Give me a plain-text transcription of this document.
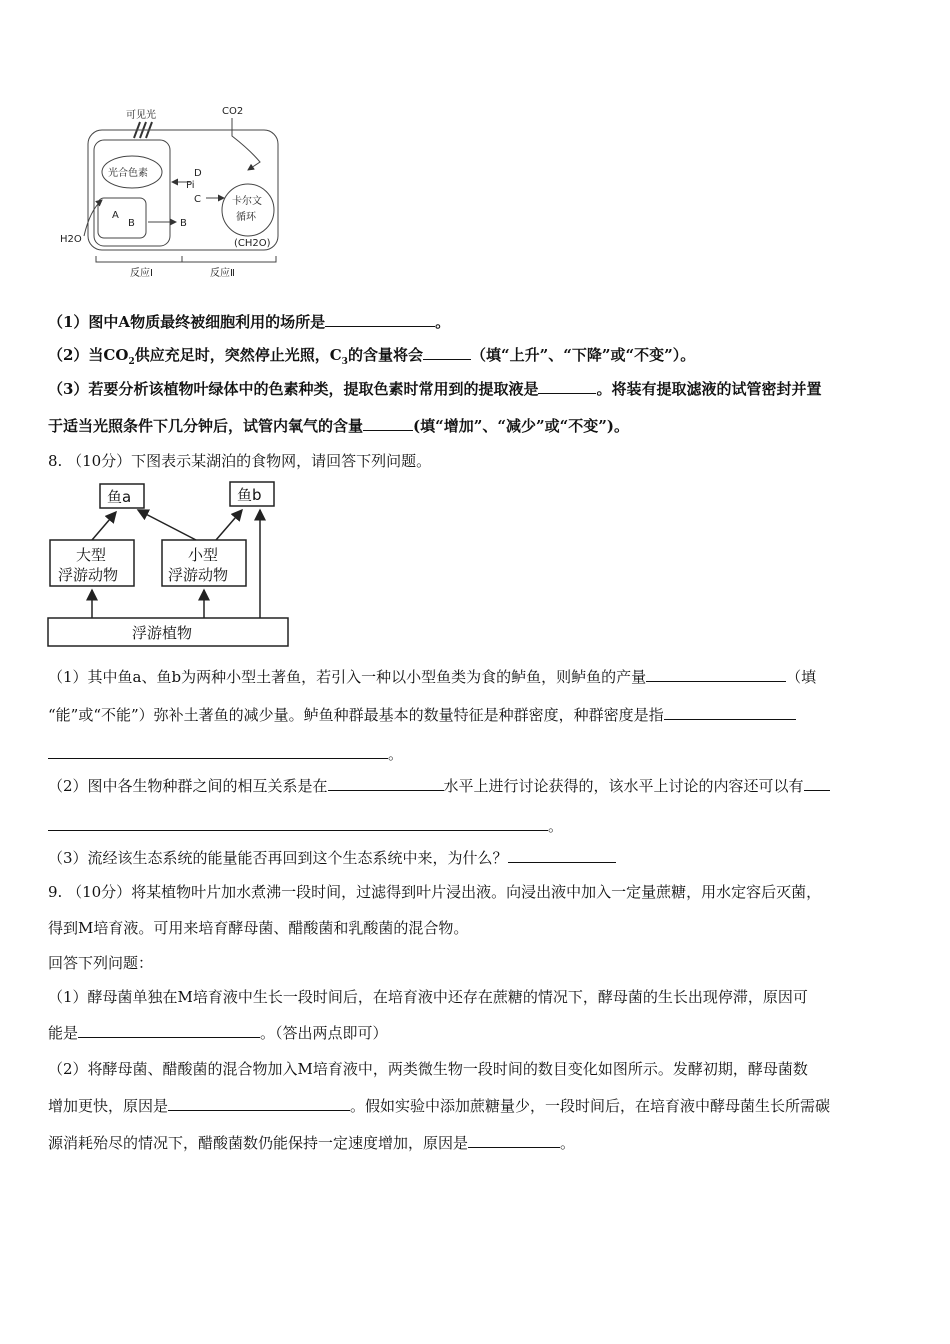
可见光	CO2
光合色素
A
B	B
D
Pi
C	卡尔文
循环
H2O	(CH2O)
反应Ⅰ	反应Ⅱ
（1）图中A物质最终被细胞利用的场所是	。
（2）当$CO_2$供应充足时，突然停止光照，$C_3$的含量将会	（填“上升”、“下降”或“不变”）。
（3）若要分析该植物叶绿体中的色素种类，提取色素时常用到的提取液是	。将装有提取滤液的试管密封并置
于适当光照条件下几分钟后，试管内氧气的含量	(填“增加”、“减少”或“不变”)。
8. （10分）下图表示某湖泊的食物网，请回答下列问题。
鱼a	鱼b
大型
浮游动物
小型
浮游动物
浮游植物
（1）其中鱼a、鱼b为两种小型土著鱼，若引入一种以小型鱼类为食的鲈鱼，则鲈鱼的产量	（填
“能”或“不能”）弥补土著鱼的减少量。鲈鱼种群最基本的数量特征是种群密度，种群密度是指
。
（2）图中各生物种群之间的相互关系是在	水平上进行讨论获得的，该水平上讨论的内容还可以有
。
（3）流经该生态系统的能量能否再回到这个生态系统中来，为什么？
9. （10分）将某植物叶片加水煮沸一段时间，过滤得到叶片浸出液。向浸出液中加入一定量蔗糖，用水定容后灭菌，
得到M培育液。可用来培育酵母菌、醋酸菌和乳酸菌的混合物。
回答下列问题：
（1）酵母菌单独在M培育液中生长一段时间后，在培育液中还存在蔗糖的情况下，酵母菌的生长出现停滞，原因可
能是	。（答出两点即可）
（2）将酵母菌、醋酸菌的混合物加入M培育液中，两类微生物一段时间的数目变化如图所示。发酵初期，酵母菌数
增加更快，原因是	。假如实验中添加蔗糖量少，一段时间后，在培育液中酵母菌生长所需碳
源消耗殆尽的情况下，醋酸菌数仍能保持一定速度增加，原因是	。
